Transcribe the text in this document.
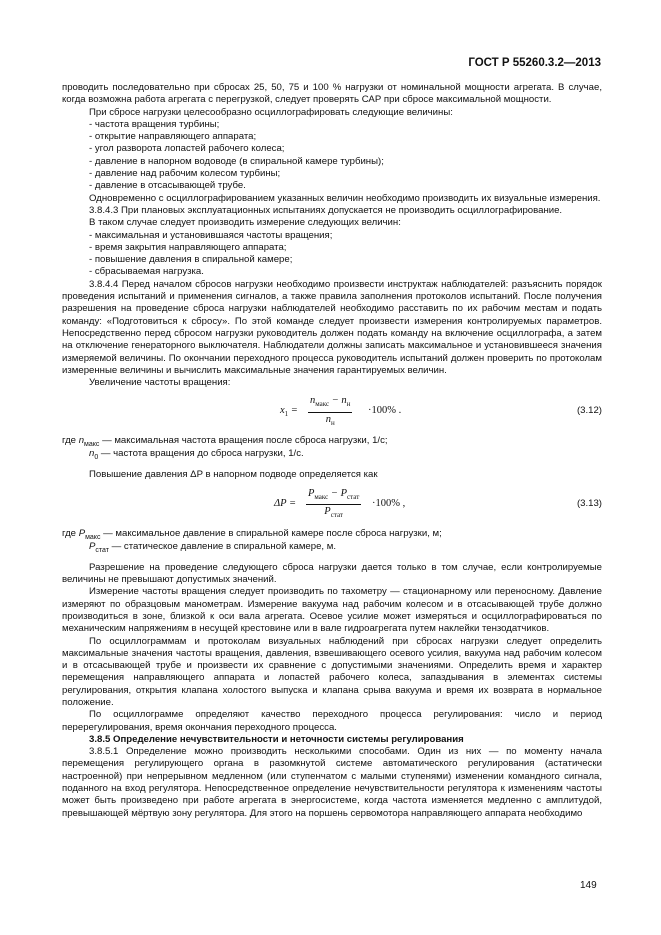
ГОСТ Р 55260.3.2—2013

проводить последовательно при сбросах 25, 50, 75 и 100 % нагрузки от номинальной мощности агрегата. В случае, когда возможна работа агрегата с перегрузкой, следует проверять САР при сбросе максимальной мощности.

При сбросе нагрузки целесообразно осциллографировать следующие величины:

- частота вращения турбины;

- открытие направляющего аппарата;

- угол разворота лопастей рабочего колеса;

- давление в напорном водоводе (в спиральной камере турбины);

- давление над рабочим колесом турбины;

- давление в отсасывающей трубе.

Одновременно с осциллографированием указанных величин необходимо производить их визуальные измерения.

3.8.4.3 При плановых эксплуатационных испытаниях допускается не производить осциллографирование.

В таком случае следует производить измерение следующих величин:

- максимальная и установившаяся частоты вращения;

- время закрытия направляющего аппарата;

- повышение давления в спиральной камере;

- сбрасываемая нагрузка.

3.8.4.4 Перед началом сбросов нагрузки необходимо произвести инструктаж наблюдателей: разъяснить порядок проведения испытаний и применения сигналов, а также правила заполнения протоколов испытаний. После получения разрешения на проведение сброса нагрузки наблюдателей необходимо расставить по их рабочим местам и подать команду: «Подготовиться к сбросу». По этой команде следует произвести измерения контролируемых параметров. Непосредственно перед сбросом нагрузки руководитель должен подать команду на включение осциллографа, а затем на отключение генераторного выключателя. Наблюдатели должны записать максимальное и установившееся значения измеряемой величины. По окончании переходного процесса руководитель испытаний должен проверить по протоколам измеренные величины и вычислить максимальные значения гарантируемых величин.

Увеличение частоты вращения:

$x_1$ =
$n_{макс} - n_н$
$n_н$
·100% .	(3.12)
где $n_{макс}$ — максимальная частота вращения после сброса нагрузки, 1/с;
$n_0$ — частота вращения до сброса нагрузки, 1/с.

Повышение давления ΔP в напорном подводе определяется как

ΔP =
$P_{макс} - P_{стат}$
$P_{стат}$
·100% ,	(3.13)
где $P_{макс}$ — максимальное давление в спиральной камере после сброса нагрузки, м;
$P_{стат}$ — статическое давление в спиральной камере, м.

Разрешение на проведение следующего сброса нагрузки дается только в том случае, если контролируемые величины не превышают допустимых значений.

Измерение частоты вращения следует производить по тахометру — стационарному или переносному. Давление измеряют по образцовым манометрам. Измерение вакуума над рабочим колесом и в отсасывающей трубе должно производиться в зоне, близкой к оси вала агрегата. Осевое усилие может измеряться и осциллографироваться по механическим напряжениям в несущей крестовине или в вале гидроагрегата путем наклейки тензодатчиков.

По осциллограммам и протоколам визуальных наблюдений при сбросах нагрузки следует определить максимальные значения частоты вращения, давления, взвешивающего осевого усилия, вакуума над рабочим колесом и в отсасывающей трубе и произвести их сравнение с допустимыми значениями. Определить время и характер перемещения направляющего аппарата и лопастей рабочего колеса, запаздывания в элементах системы регулирования, открытия клапана холостого выпуска и клапана срыва вакуума и время их возврата в нормальное положение.

По осциллограмме определяют качество переходного процесса регулирования: число и период перерегулирования, время окончания переходного процесса.

3.8.5 Определение нечувствительности и неточности системы регулирования

3.8.5.1 Определение можно производить несколькими способами. Один из них — по моменту начала перемещения регулирующего органа в разомкнутой системе автоматического регулирования (астатически настроенной) при непрерывном медленном (или ступенчатом с малыми ступенями) изменении командного сигнала, поданного на вход регулятора. Непосредственное определение нечувствительности регулятора к изменениям частоты может быть произведено при работе агрегата в энергосистеме, когда частота изменяется медленно с амплитудой, превышающей мёртвую зону регулятора. Для этого на поршень сервомотора направляющего аппарата необходимо

149
